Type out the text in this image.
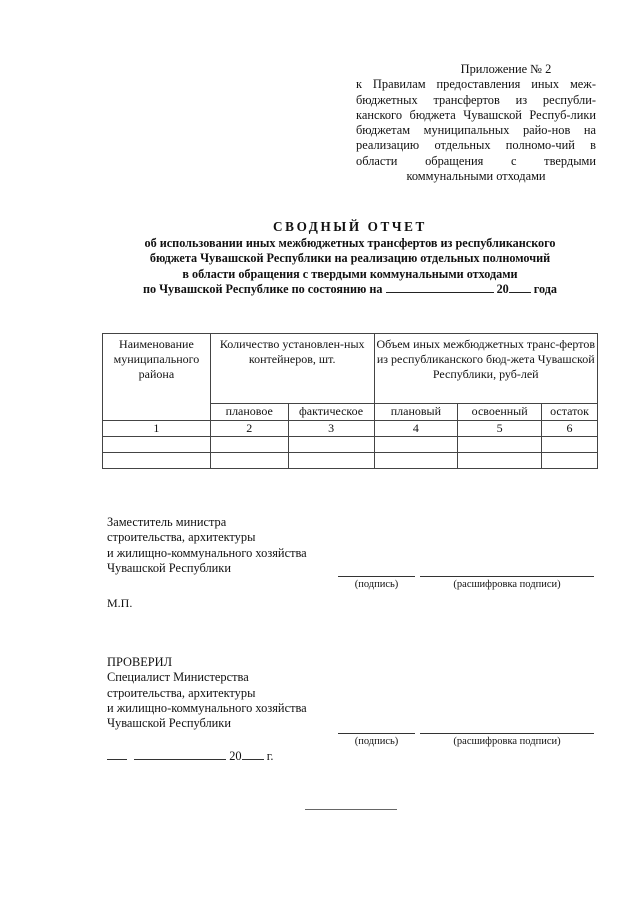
Приложение № 2
к Правилам предоставления иных меж-бюджетных трансфертов из республи-канского бюджета Чувашской Респуб-лики бюджетам муниципальных райо-нов на реализацию отдельных полномо-чий в области обращения с твердыми коммунальными отходами
СВОДНЫЙ ОТЧЕТ
об использовании иных межбюджетных трансфертов из республиканского
бюджета Чувашской Республики на реализацию отдельных полномочий
в области обращения с твердыми коммунальными отходами
по Чувашской Республике по состоянию на	20 года
Наименование муниципального района	Количество установлен-ных контейнеров, шт.		Объем иных межбюджетных транс-фертов из республиканского бюд-жета Чувашской Республики, руб-лей		
	плановое	фактическое	плановый	освоенный	остаток
1	2	3	4	5	6

Заместитель министра
строительства, архитектуры
и жилищно-коммунального хозяйства
Чувашской Республики
(подпись)	(расшифровка подписи)
М.П.
ПРОВЕРИЛ
Специалист Министерства
строительства, архитектуры
и жилищно-коммунального хозяйства
Чувашской Республики
(подпись)	(расшифровка подписи)
20 г.
